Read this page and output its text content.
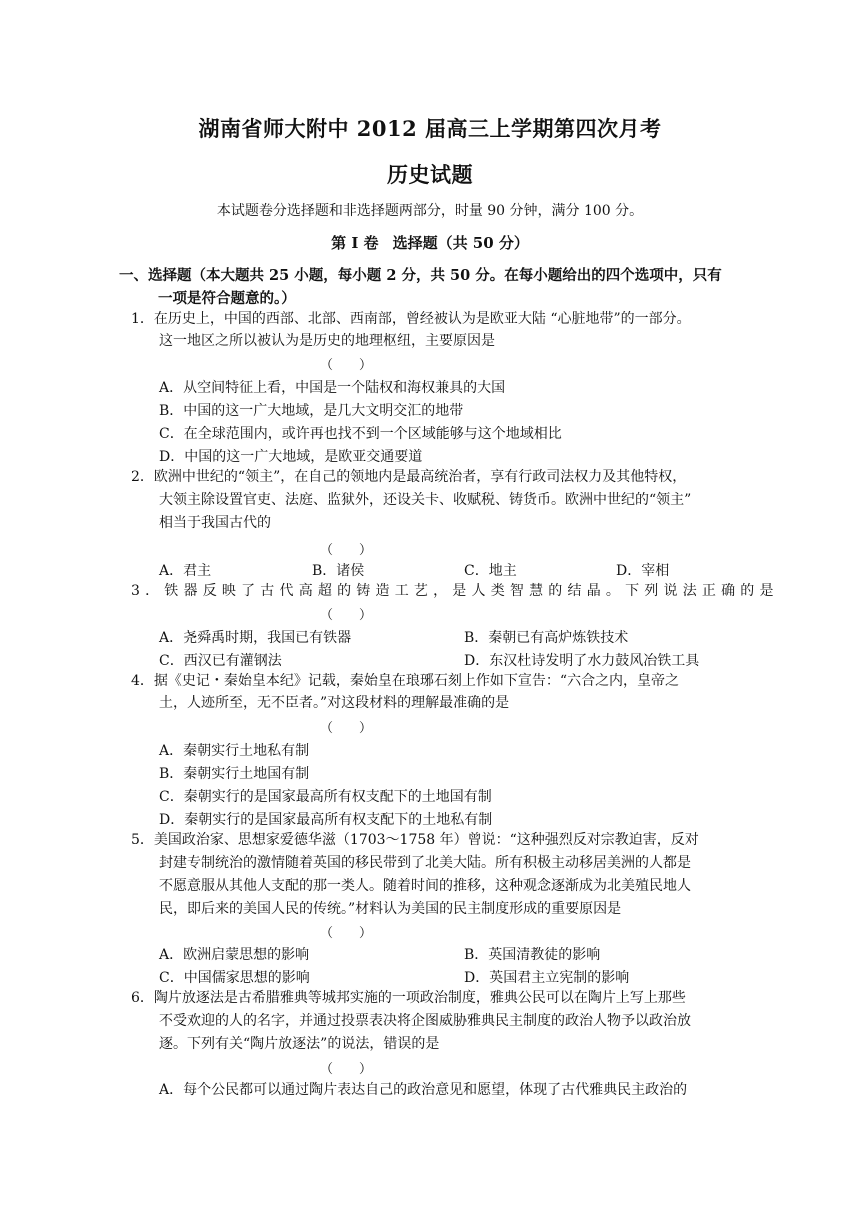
湖南省师大附中 2012 届高三上学期第四次月考
历史试题
本试题卷分选择题和非选择题两部分，时量 90 分钟，满分 100 分。
第 Ⅰ 卷 选择题（共 50 分）
一、选择题（本大题共 25 小题，每小题 2 分，共 50 分。在每小题给出的四个选项中，只有
一项是符合题意的。）
1．在历史上，中国的西部、北部、西南部，曾经被认为是欧亚大陆 “心脏地带”的一部分。
这一地区之所以被认为是历史的地理枢纽，主要原因是
（　　）
A．从空间特征上看，中国是一个陆权和海权兼具的大国
B．中国的这一广大地域，是几大文明交汇的地带
C．在全球范围内，或许再也找不到一个区域能够与这个地域相比
D．中国的这一广大地域，是欧亚交通要道
2．欧洲中世纪的“领主”，在自己的领地内是最高统治者，享有行政司法权力及其他特权，
大领主除设置官吏、法庭、监狱外，还设关卡、收赋税、铸货币。欧洲中世纪的“领主”
相当于我国古代的
（　　）
A．君主	B．诸侯	C．地主	D．宰相
3．铁器反映了古代高超的铸造工艺，是人类智慧的结晶。下列说法正确的是
（　　）
A．尧舜禹时期，我国已有铁器	B．秦朝已有高炉炼铁技术
C．西汉已有灌钢法	D．东汉杜诗发明了水力鼓风冶铁工具
4．据《史记・秦始皇本纪》记载，秦始皇在琅琊石刻上作如下宣告：“六合之内，皇帝之
土，人迹所至，无不臣者。”对这段材料的理解最准确的是
（　　）
A．秦朝实行土地私有制
B．秦朝实行土地国有制
C．秦朝实行的是国家最高所有权支配下的土地国有制
D．秦朝实行的是国家最高所有权支配下的土地私有制
5．美国政治家、思想家爱德华滋（1703～1758 年）曾说：“这种强烈反对宗教迫害，反对
封建专制统治的激情随着英国的移民带到了北美大陆。所有积极主动移居美洲的人都是
不愿意服从其他人支配的那一类人。随着时间的推移，这种观念逐渐成为北美殖民地人
民，即后来的美国人民的传统。”材料认为美国的民主制度形成的重要原因是
（　　）
A．欧洲启蒙思想的影响	B．英国清教徒的影响
C．中国儒家思想的影响	D．英国君主立宪制的影响
6．陶片放逐法是古希腊雅典等城邦实施的一项政治制度，雅典公民可以在陶片上写上那些
不受欢迎的人的名字，并通过投票表决将企图威胁雅典民主制度的政治人物予以政治放
逐。下列有关“陶片放逐法”的说法，错误的是
（　　）
A．每个公民都可以通过陶片表达自己的政治意见和愿望，体现了古代雅典民主政治的
